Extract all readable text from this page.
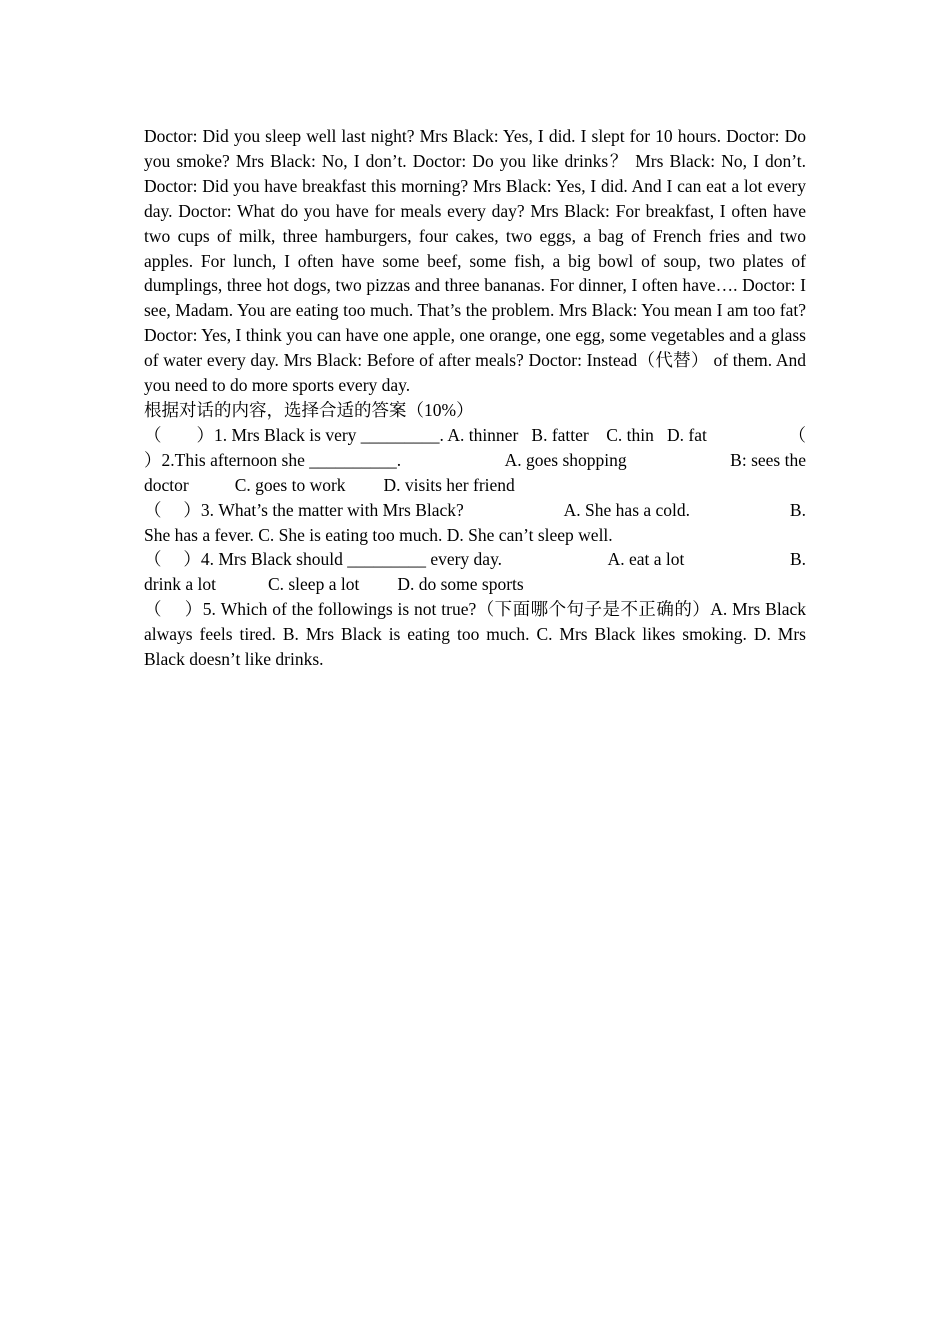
Doctor: Did you sleep well last night? Mrs Black: Yes, I did. I slept for 10 hours. Doctor: Do you smoke? Mrs Black: No, I don’t. Doctor: Do you like drinks？ Mrs Black: No, I don’t. Doctor: Did you have breakfast this morning? Mrs Black: Yes, I did. And I can eat a lot every day. Doctor: What do you have for meals every day? Mrs Black: For breakfast, I often have two cups of milk, three hamburgers, four cakes, two eggs, a bag of French fries and two apples. For lunch, I often have some beef, some fish, a big bowl of soup, two plates of dumplings, three hot dogs, two pizzas and three bananas. For dinner, I often have…. Doctor: I see, Madam. You are eating too much. That’s the problem. Mrs Black: You mean I am too fat? Doctor: Yes, I think you can have one apple, one orange, one egg, some vegetables and a glass of water every day. Mrs Black: Before of after meals? Doctor: Instead（代替） of them. And you need to do more sports every day.

根据对话的内容，选择合适的答案（10%）
（　　）1. Mrs Black is very _________. A. thinner   B. fatter    C. thin   D. fat	（
）2.This afternoon she __________.	A. goes shopping	B: sees the
doctor	C. goes to work D. visits her friend
（　 ）3. What’s the matter with Mrs Black?	A. She has a cold.	B.
She has a fever. C. She is eating too much. D. She can’t sleep well.
（　 ）4. Mrs Black should _________ every day.	A. eat a lot	B.
drink a lot	C. sleep a lot D. do some sports

（　 ）5. Which of the followings is not true?（下面哪个句子是不正确的）A. Mrs Black always feels tired. B. Mrs Black is eating too much. C. Mrs Black likes smoking. D. Mrs Black doesn’t like drinks.
